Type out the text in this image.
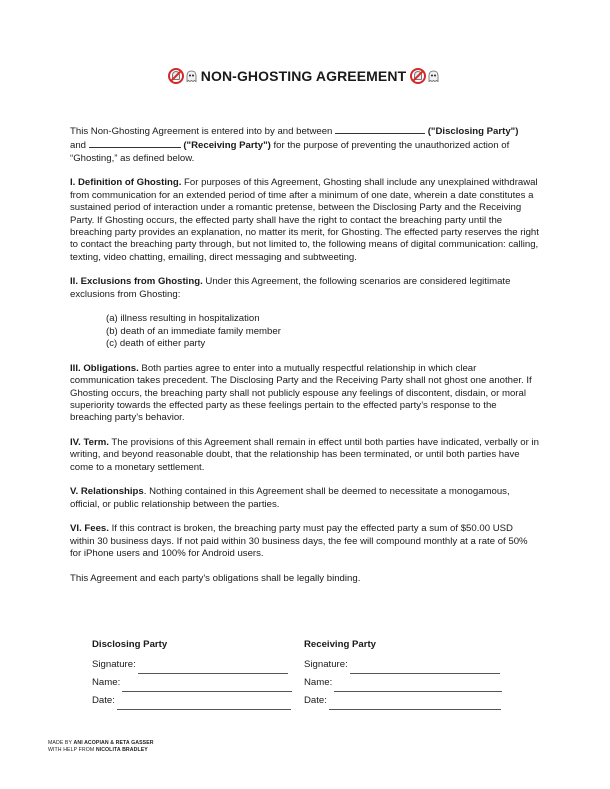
NON-GHOSTING AGREEMENT

This Non-Ghosting Agreement is entered into by and between	("Disclosing Party")
and	("Receiving Party") for the purpose of preventing the unauthorized action of “Ghosting,” as defined below.

I. Definition of Ghosting. For purposes of this Agreement, Ghosting shall include any unexplained withdrawal from communication for an extended period of time after a minimum of one date, wherein a date constitutes a sustained period of interaction under a romantic pretense, between the Disclosing Party and the Receiving Party. If Ghosting occurs, the effected party shall have the right to contact the breaching party until the breaching party provides an explanation, no matter its merit, for Ghosting. The effected party reserves the right to contact the breaching party through, but not limited to, the following means of digital communication: calling, texting, video chatting, emailing, direct messaging and subtweeting.

II. Exclusions from Ghosting. Under this Agreement, the following scenarios are considered legitimate exclusions from Ghosting:

(a) illness resulting in hospitalization
(b) death of an immediate family member
(c) death of either party

III. Obligations. Both parties agree to enter into a mutually respectful relationship in which clear communication takes precedent. The Disclosing Party and the Receiving Party shall not ghost one another. If Ghosting occurs, the breaching party shall not publicly espouse any feelings of discontent, disdain, or moral superiority towards the effected party as these feelings pertain to the effected party’s response to the breaching party’s behavior.

IV. Term. The provisions of this Agreement shall remain in effect until both parties have indicated, verbally or in writing, and beyond reasonable doubt, that the relationship has been terminated, or until both parties have come to a monetary settlement.

V. Relationships. Nothing contained in this Agreement shall be deemed to necessitate a monogamous, official, or public relationship between the parties.

VI. Fees. If this contract is broken, the breaching party must pay the effected party a sum of $50.00 USD within 30 business days. If not paid within 30 business days, the fee will compound monthly at a rate of 50% for iPhone users and 100% for Android users.

This Agreement and each party's obligations shall be legally binding.

Disclosing Party
Signature:
Name:
Date:
Receiving Party
Signature:
Name:
Date:
MADE BY ANI ACOPIAN & RETA GASSER
WITH HELP FROM NICOLITA BRADLEY
